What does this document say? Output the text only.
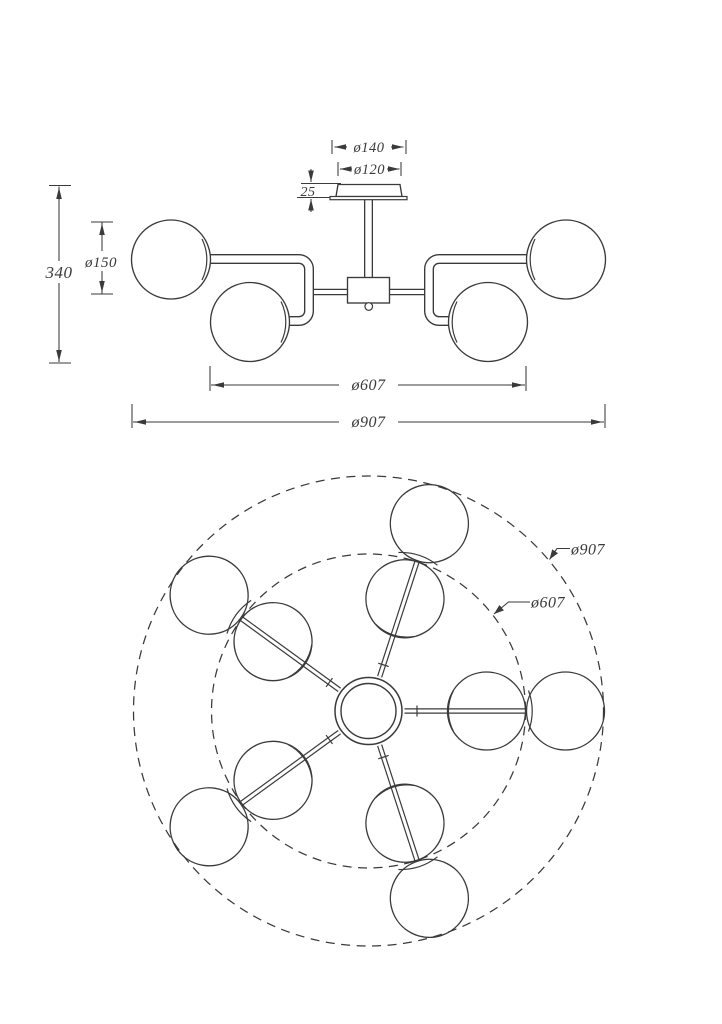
340 ø150
25
ø140
ø120
ø607
ø907
ø907
ø607
